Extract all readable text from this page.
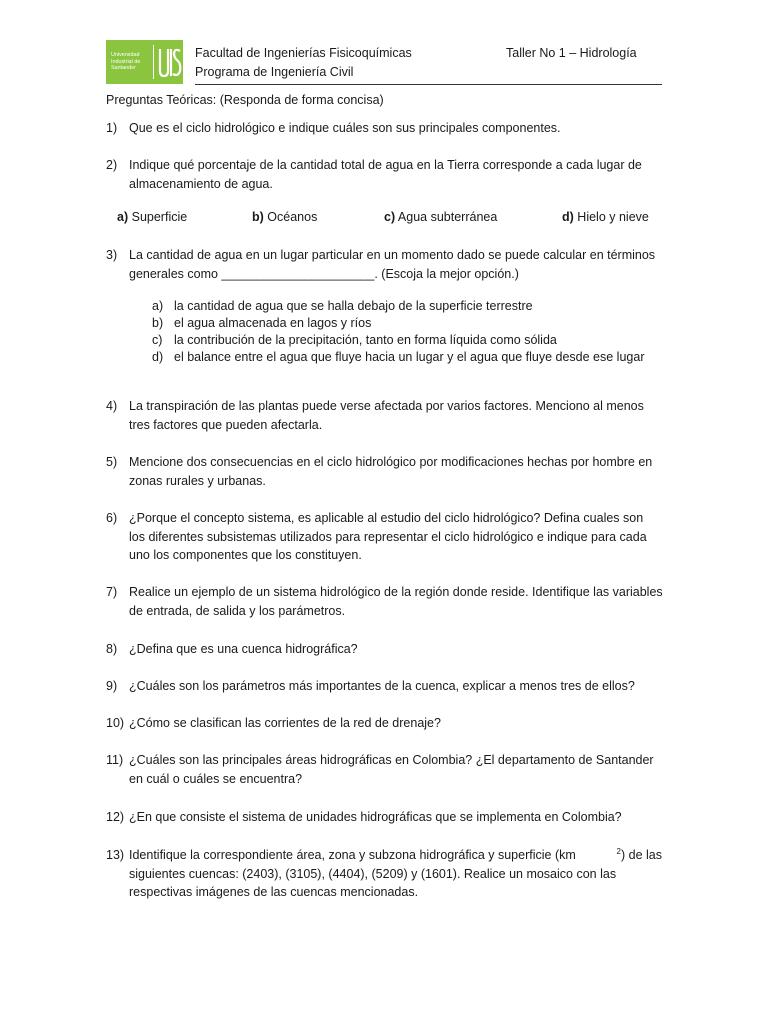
Universidad
Industrial de
Santander
Facultad de Ingenierías Fisicoquímicas
Programa de Ingeniería Civil
Taller No 1 – Hidrología
Preguntas Teóricas: (Responda de forma concisa)
1) Que es el ciclo hidrológico e indique cuáles son sus principales componentes.
2) Indique qué porcentaje de la cantidad total de agua en la Tierra corresponde a cada lugar de
almacenamiento de agua.
a) Superficie	b) Océanos	c) Agua subterránea	d) Hielo y nieve
3) La cantidad de agua en un lugar particular en un momento dado se puede calcular en términos
generales como ______________________. (Escoja la mejor opción.)
a) la cantidad de agua que se halla debajo de la superficie terrestre
b) el agua almacenada en lagos y ríos
c) la contribución de la precipitación, tanto en forma líquida como sólida
d) el balance entre el agua que fluye hacia un lugar y el agua que fluye desde ese lugar
4) La transpiración de las plantas puede verse afectada por varios factores. Menciono al menos
tres factores que pueden afectarla.
5) Mencione dos consecuencias en el ciclo hidrológico por modificaciones hechas por hombre en
zonas rurales y urbanas.
6) ¿Porque el concepto sistema, es aplicable al estudio del ciclo hidrológico? Defina cuales son
los diferentes subsistemas utilizados para representar el ciclo hidrológico e indique para cada
uno los componentes que los constituyen.
7) Realice un ejemplo de un sistema hidrológico de la región donde reside. Identifique las variables
de entrada, de salida y los parámetros.
8) ¿Defina que es una cuenca hidrográfica?
9) ¿Cuáles son los parámetros más importantes de la cuenca, explicar a menos tres de ellos?
10) ¿Cómo se clasifican las corrientes de la red de drenaje?
11) ¿Cuáles son las principales áreas hidrográficas en Colombia? ¿El departamento de Santander
en cuál o cuáles se encuentra?
12) ¿En que consiste el sistema de unidades hidrográficas que se implementa en Colombia?
13) Identifique la correspondiente área, zona y subzona hidrográfica y superficie (km	$^2$) de las
siguientes cuencas: (2403), (3105), (4404), (5209) y (1601). Realice un mosaico con las
respectivas imágenes de las cuencas mencionadas.
